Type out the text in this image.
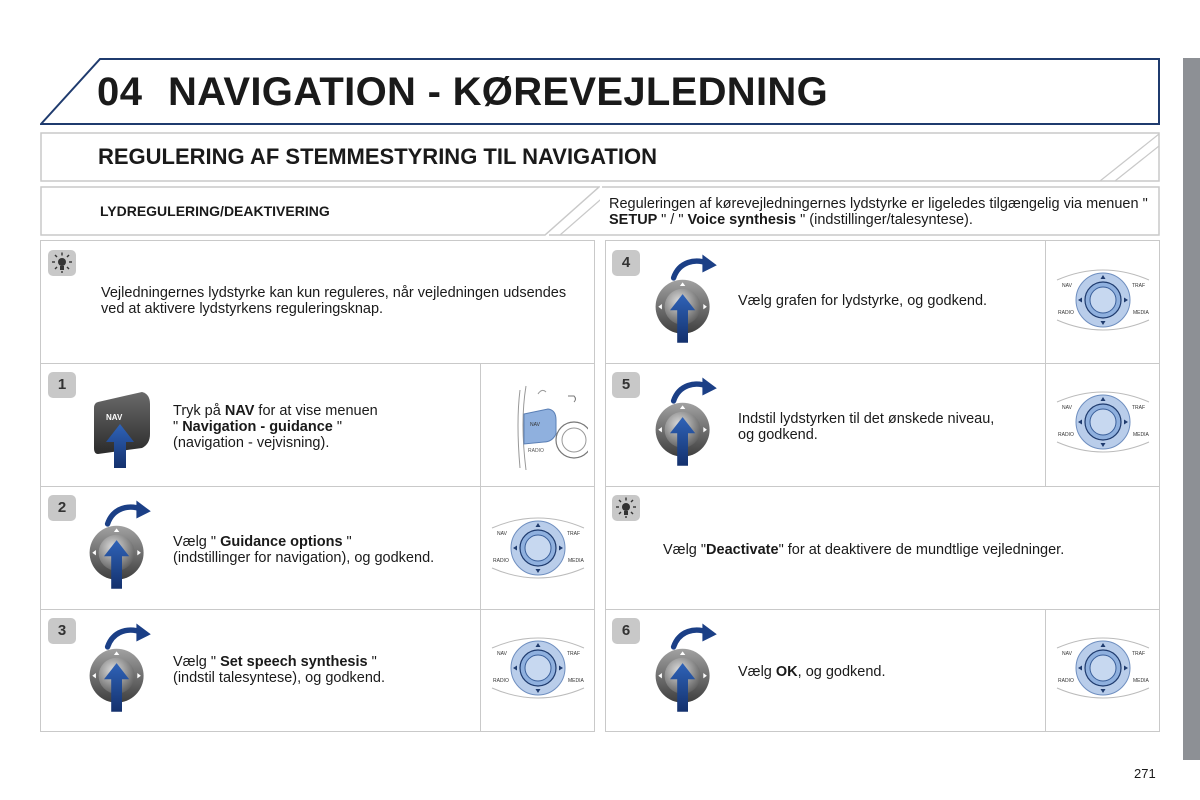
04 NAVIGATION - KØREVEJLEDNING
REGULERING AF STEMMESTYRING TIL NAVIGATION
LYDREGULERING/DEAKTIVERING	Reguleringen af kørevejledningernes lydstyrke er ligeledes tilgængelig via menuen " SETUP " / " Voice synthesis " (indstillinger/talesyntese).
Vejledningernes lydstyrke kan kun reguleres, når vejledningen udsendes ved at aktivere lydstyrkens reguleringsknap.
1
NAV	Tryk på NAV for at vise menuen
" Navigation - guidance "
(navigation - vejvisning).
NAV
RADIO
2
Vælg " Guidance options "
(indstillinger for navigation), og godkend.
3
Vælg " Set speech synthesis "
(indstil talesyntese), og godkend.
4
Vælg grafen for lydstyrke, og godkend.
5
Indstil lydstyrken til det ønskede niveau,
og godkend.
Vælg "Deactivate" for at deaktivere de mundtlige vejledninger.
6
Vælg OK, og godkend.
NAV	TRAF
RADIO	MEDIA
NAV	TRAF
RADIO	MEDIA
NAV	TRAF
RADIO	MEDIA
NAV	TRAF
RADIO	MEDIA
NAV	TRAF
RADIO	MEDIA
271
